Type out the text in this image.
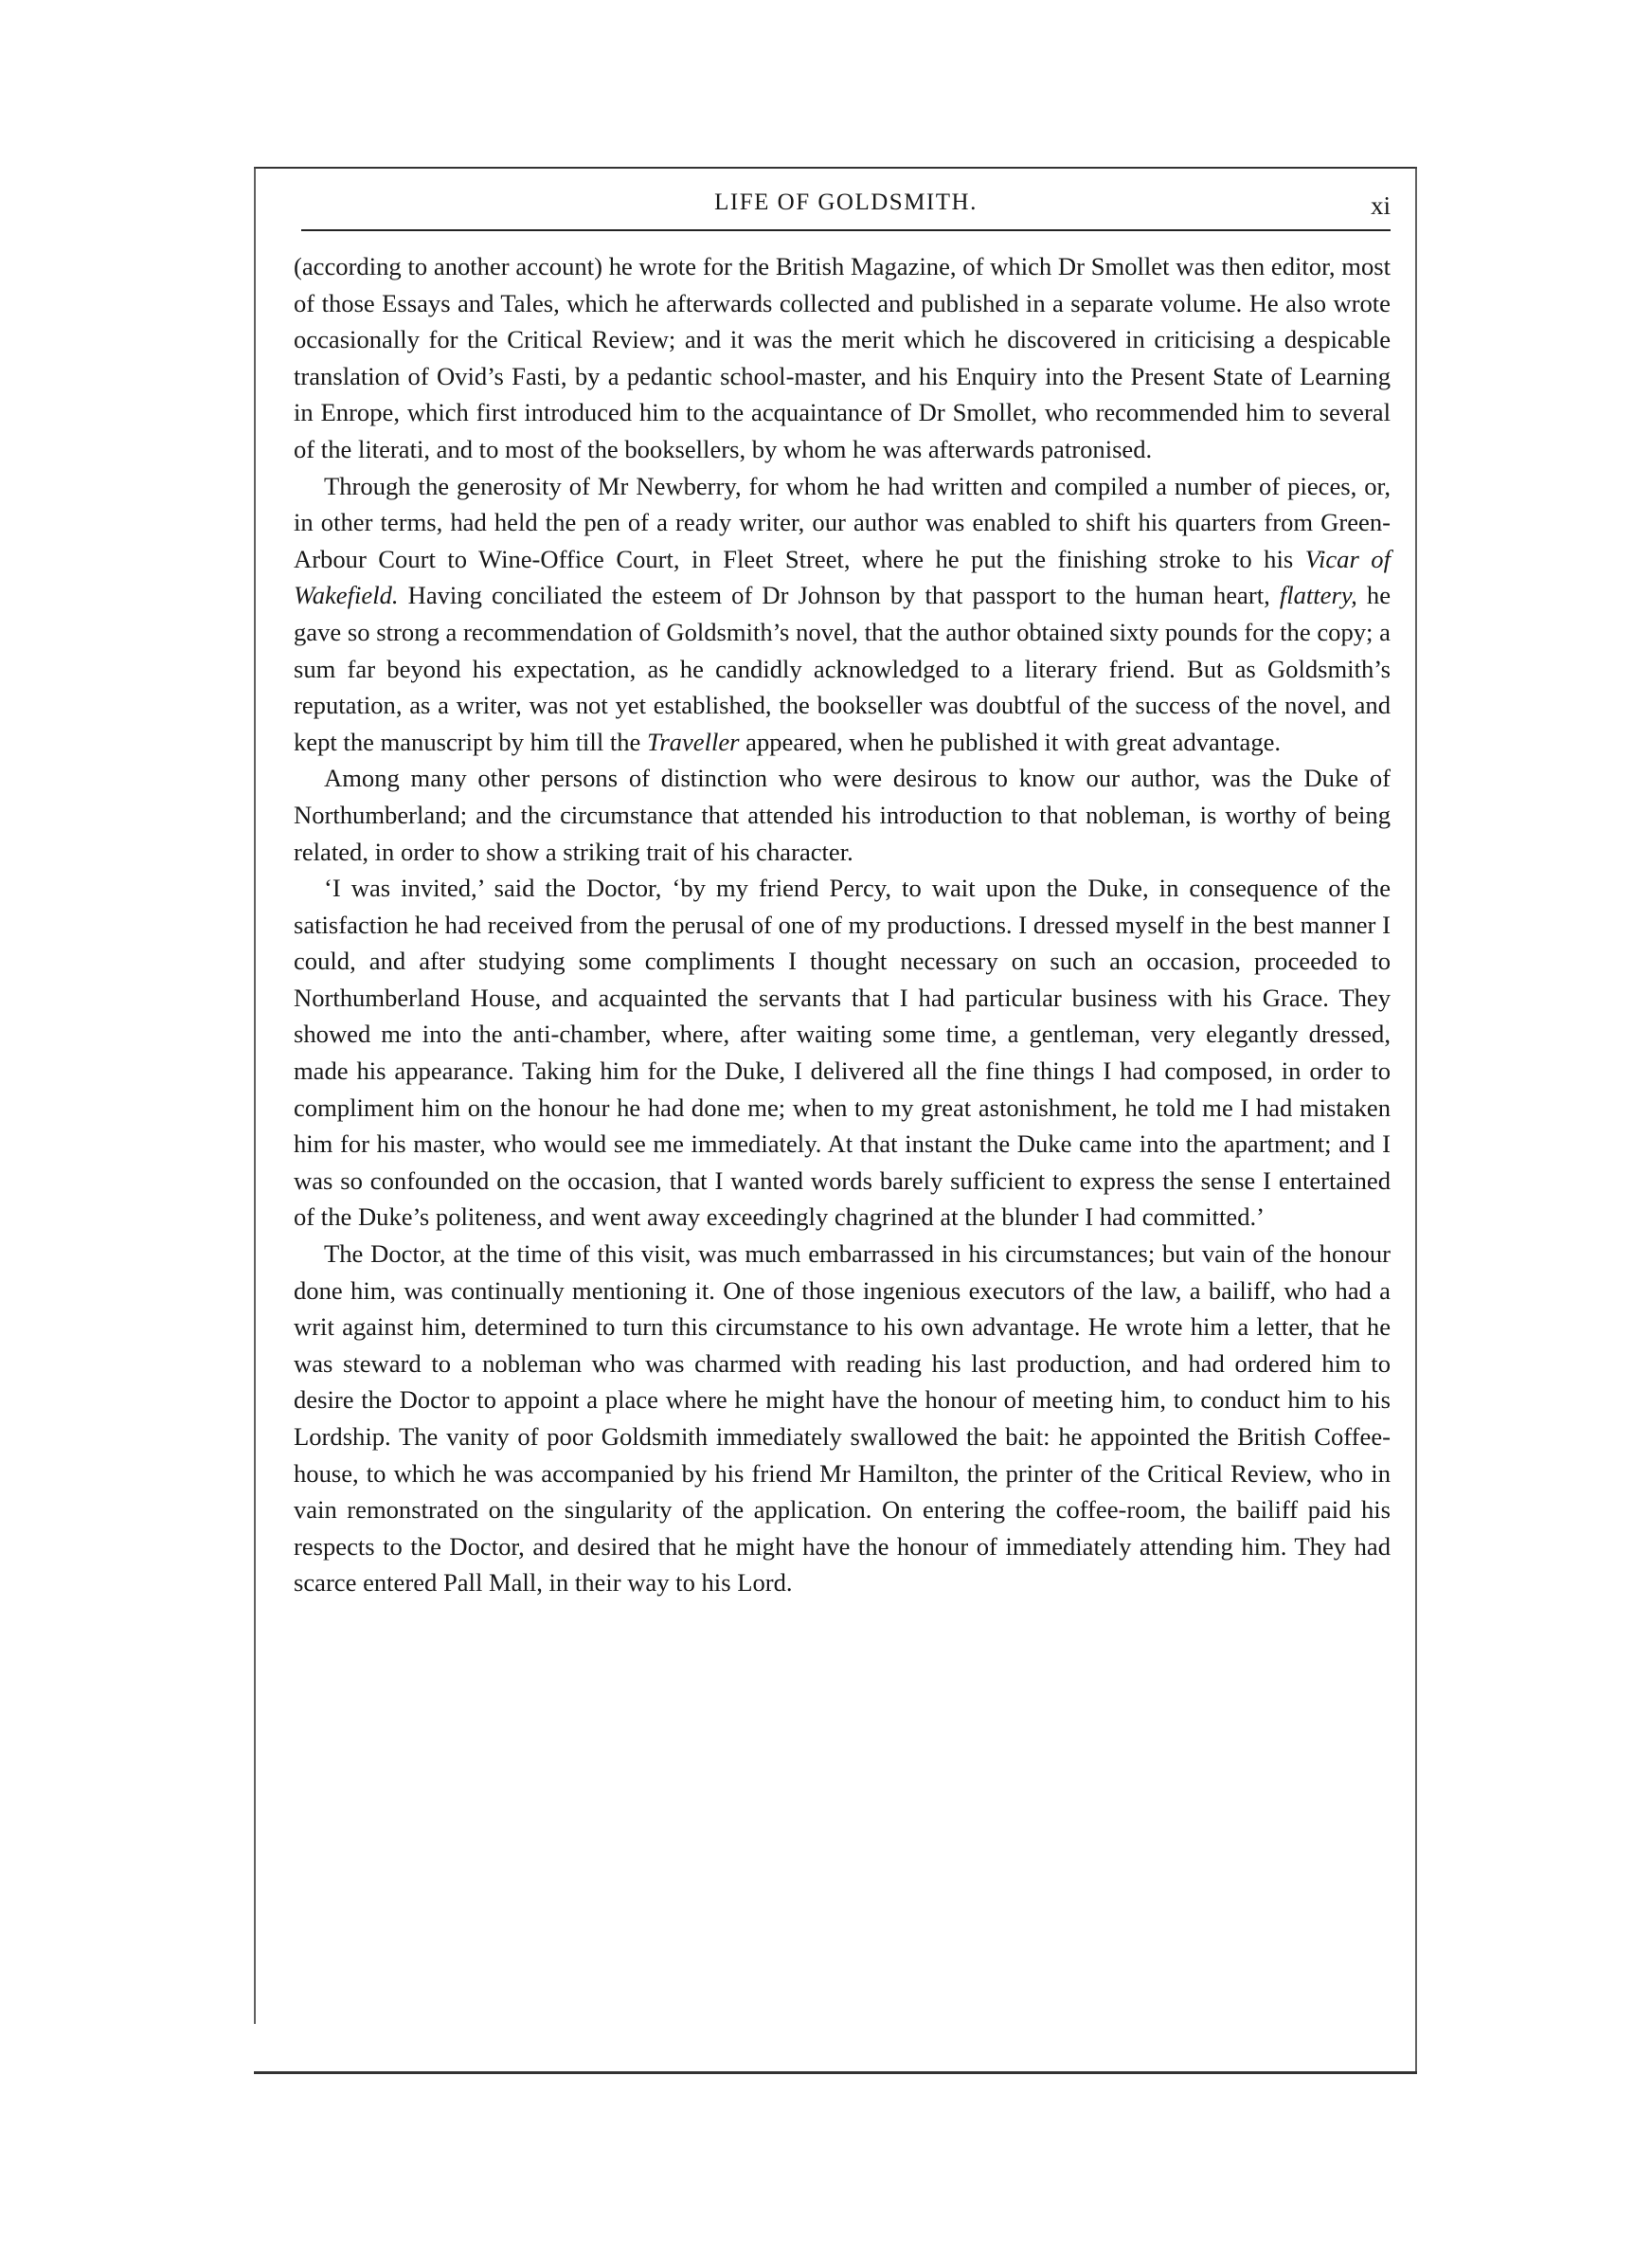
LIFE OF GOLDSMITH.	xi

(according to another account) he wrote for the British Magazine, of which Dr Smollet was then editor, most of those Essays and Tales, which he afterwards collected and published in a separate volume. He also wrote occasionally for the Critical Review; and it was the merit which he discovered in criticising a despicable translation of Ovid’s Fasti, by a pedantic school-master, and his Enquiry into the Present State of Learning in Enrope, which first introduced him to the acquaintance of Dr Smollet, who recommended him to several of the literati, and to most of the booksellers, by whom he was afterwards patronised.

Through the generosity of Mr Newberry, for whom he had written and compiled a number of pieces, or, in other terms, had held the pen of a ready writer, our author was enabled to shift his quarters from Green-Arbour Court to Wine-Office Court, in Fleet Street, where he put the finishing stroke to his Vicar of Wakefield. Having conciliated the esteem of Dr Johnson by that passport to the human heart, flattery, he gave so strong a recommendation of Goldsmith’s novel, that the author obtained sixty pounds for the copy; a sum far beyond his expectation, as he candidly acknowledged to a literary friend. But as Goldsmith’s reputation, as a writer, was not yet established, the bookseller was doubtful of the success of the novel, and kept the manuscript by him till the Traveller appeared, when he published it with great advantage.

Among many other persons of distinction who were desirous to know our author, was the Duke of Northumberland; and the circumstance that attended his introduction to that nobleman, is worthy of being related, in order to show a striking trait of his character.

‘I was invited,’ said the Doctor, ‘by my friend Percy, to wait upon the Duke, in consequence of the satisfaction he had received from the perusal of one of my productions. I dressed myself in the best manner I could, and after studying some compliments I thought necessary on such an occasion, proceeded to Northumberland House, and acquainted the servants that I had particular business with his Grace. They showed me into the anti-chamber, where, after waiting some time, a gentleman, very elegantly dressed, made his appearance. Taking him for the Duke, I delivered all the fine things I had composed, in order to compliment him on the honour he had done me; when to my great astonishment, he told me I had mistaken him for his master, who would see me immediately. At that instant the Duke came into the apartment; and I was so confounded on the occasion, that I wanted words barely sufficient to express the sense I entertained of the Duke’s politeness, and went away exceedingly chagrined at the blunder I had committed.’

The Doctor, at the time of this visit, was much embarrassed in his circumstances; but vain of the honour done him, was continually mentioning it. One of those ingenious executors of the law, a bailiff, who had a writ against him, determined to turn this circumstance to his own advantage. He wrote him a letter, that he was steward to a nobleman who was charmed with reading his last production, and had ordered him to desire the Doctor to appoint a place where he might have the honour of meeting him, to conduct him to his Lordship. The vanity of poor Goldsmith immediately swallowed the bait: he appointed the British Coffee-house, to which he was accompanied by his friend Mr Hamilton, the printer of the Critical Review, who in vain remonstrated on the singularity of the application. On entering the coffee-room, the bailiff paid his respects to the Doctor, and desired that he might have the honour of immediately attending him. They had scarce entered Pall Mall, in their way to his Lord.
